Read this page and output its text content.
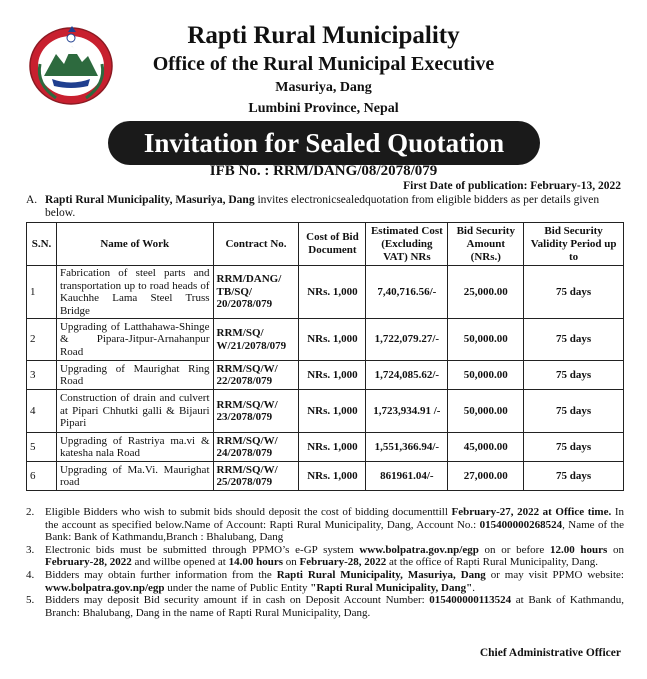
Rapti Rural Municipality
Office of the Rural Municipal Executive
Masuriya, Dang
Lumbini Province, Nepal
Invitation for Sealed Quotation
IFB No. : RRM/DANG/08/2078/079
First Date of publication: February-13, 2022
A. Rapti Rural Municipality, Masuriya, Dang invites electronicsealedquotation from eligible bidders as per details given below.
S.N.	Name of Work	Contract No.	Cost of Bid Document	Estimated Cost (Excluding VAT) NRs	Bid Security Amount (NRs.)	Bid Security Validity Period up to
1	Fabrication of steel parts and transportation up to road heads of Kauchhe Lama Steel Truss Bridge	RRM/DANG/ TB/SQ/ 20/2078/079	NRs. 1,000	7,40,716.56/-	25,000.00	75 days
2	Upgrading of Latthahawa-Shinge & Pipara-Jitpur-Arnahanpur Road	RRM/SQ/ W/21/2078/079	NRs. 1,000	1,722,079.27/-	50,000.00	75 days
3	Upgrading of Maurighat Ring Road	RRM/SQ/W/ 22/2078/079	NRs. 1,000	1,724,085.62/-	50,000.00	75 days
4	Construction of drain and culvert at Pipari Chhutki galli & Bijauri Pipari	RRM/SQ/W/ 23/2078/079	NRs. 1,000	1,723,934.91 /-	50,000.00	75 days
5	Upgrading of Rastriya ma.vi & katesha nala Road	RRM/SQ/W/ 24/2078/079	NRs. 1,000	1,551,366.94/-	45,000.00	75 days
6	Upgrading of Ma.Vi. Maurighat road	RRM/SQ/W/ 25/2078/079	NRs. 1,000	861961.04/-	27,000.00	75 days
2. Eligible Bidders who wish to submit bids should deposit the cost of bidding documenttill February-27, 2022 at Office time. In the account as specified below.Name of Account: Rapti Rural Municipality, Dang, Account No.: 015400000268524, Name of the Bank: Bank of Kathmandu,Branch : Bhalubang, Dang
3. Electronic bids must be submitted through PPMO’s e-GP system www.bolpatra.gov.np/egp on or before 12.00 hours on February-28, 2022 and willbe opened at 14.00 hours on February-28, 2022 at the office of Rapti Rural Municipality, Dang.
4. Bidders may obtain further information from the Rapti Rural Municipality, Masuriya, Dang or may visit PPMO website: www.bolpatra.gov.np/egp under the name of Public Entity "Rapti Rural Municipality, Dang".
5. Bidders may deposit Bid security amount if in cash on Deposit Account Number: 015400000113524 at Bank of Kathmandu, Branch: Bhalubang, Dang in the name of Rapti Rural Municipality, Dang.
Chief Administrative Officer
